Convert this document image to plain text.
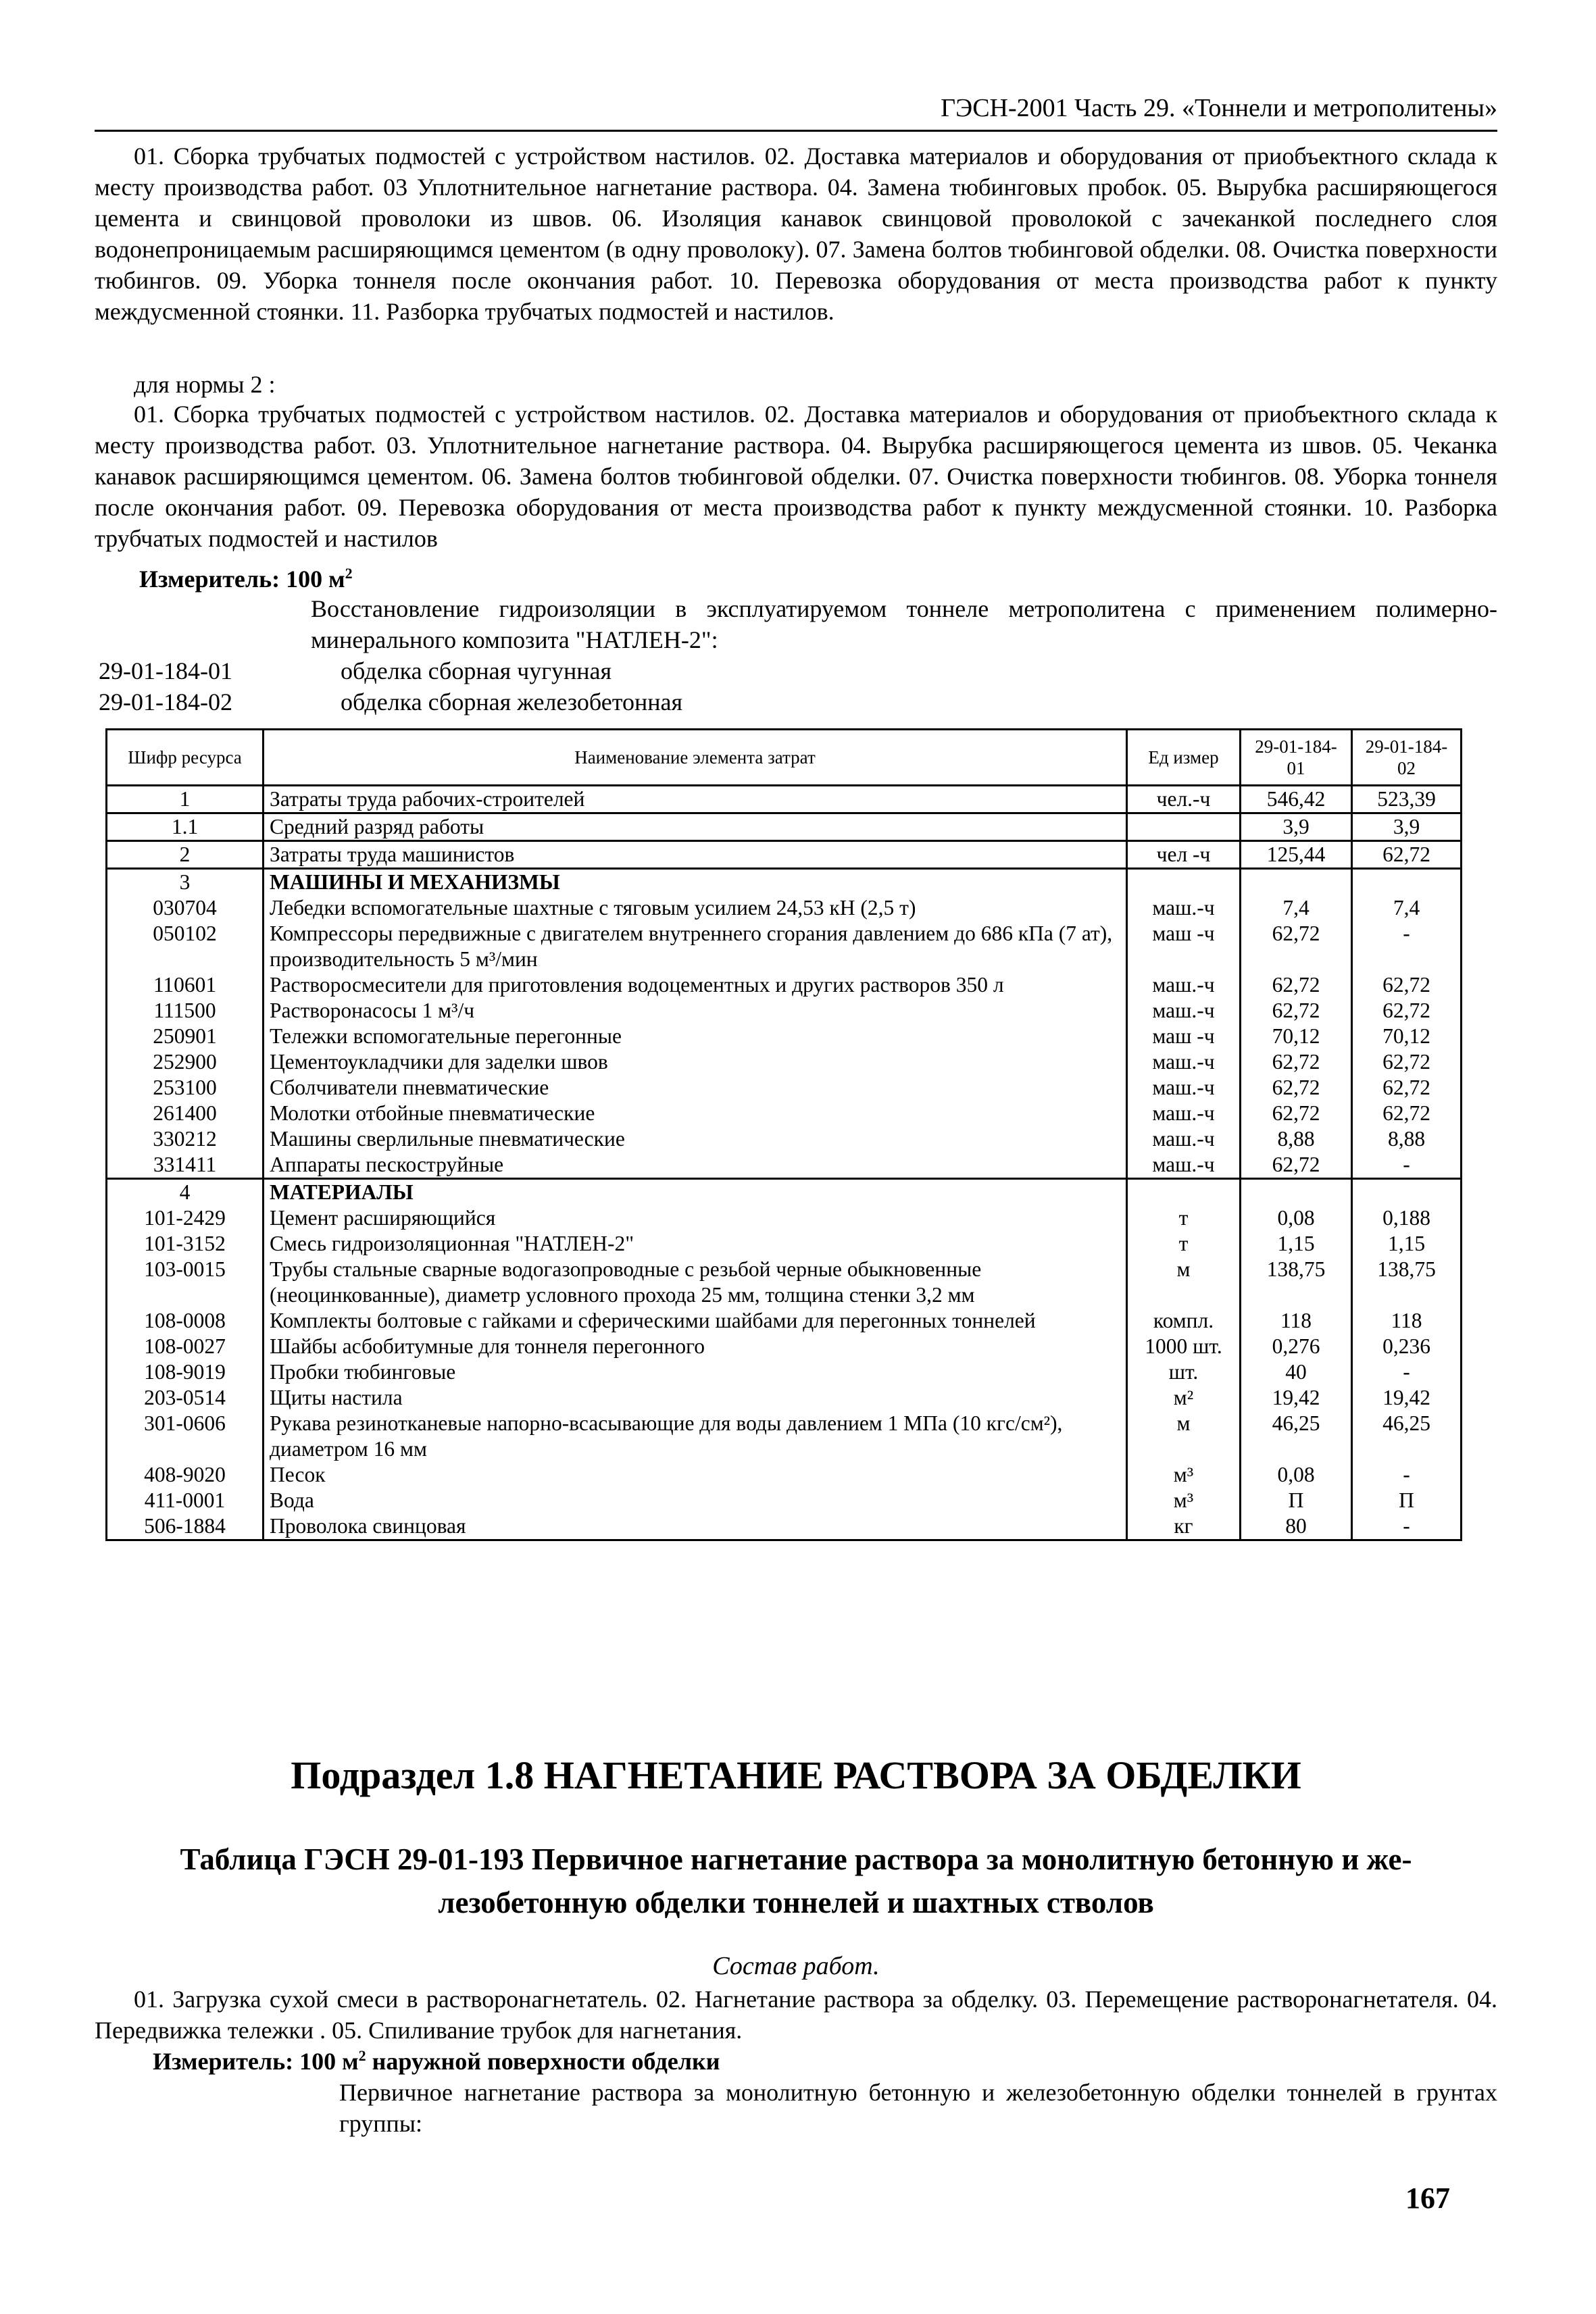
ГЭСН-2001 Часть 29. «Тоннели и метрополитены»
01. Сборка трубчатых подмостей с устройством настилов. 02. Доставка материалов и оборудования от приобъектного склада к месту производства работ. 03 Уплотнительное нагнетание раствора. 04. Замена тюбинговых пробок. 05. Вырубка расширяющегося цемента и свинцовой проволоки из швов. 06. Изоляция канавок свинцовой проволокой с зачеканкой последнего слоя водонепроницаемым расширяющимся цементом (в одну проволоку). 07. Замена болтов тюбинговой обделки. 08. Очистка поверхности тюбингов. 09. Уборка тоннеля после окончания работ. 10. Перевозка оборудования от места производства работ к пункту междусменной стоянки. 11. Разборка трубчатых подмостей и настилов.
для нормы 2 :
01. Сборка трубчатых подмостей с устройством настилов. 02. Доставка материалов и оборудования от приобъектного склада к месту производства работ. 03. Уплотнительное нагнетание раствора. 04. Вырубка расширяющегося цемента из швов. 05. Чеканка канавок расширяющимся цементом. 06. Замена болтов тюбинговой обделки. 07. Очистка поверхности тюбингов. 08. Уборка тоннеля после окончания работ. 09. Перевозка оборудования от места производства работ к пункту междусменной стоянки. 10. Разборка трубчатых подмостей и настилов
Измеритель: 100 $м^2$
Восстановление гидроизоляции в эксплуатируемом тоннеле метрополитена с применением полимерно-минерального композита "НАТЛЕН-2":
29-01-184-01	обделка сборная чугунная
29-01-184-02	обделка сборная железобетонная
Шифр ресурса	Наименование элемента затрат	Ед измер	29-01-184-01	29-01-184-02
1	Затраты труда рабочих-строителей	чел.-ч	546,42	523,39
1.1	Средний разряд работы		3,9	3,9
2	Затраты труда машинистов	чел -ч	125,44	62,72
3	МАШИНЫ И МЕХАНИЗМЫ			
030704	Лебедки вспомогательные шахтные с тяговым усилием 24,53 кН (2,5 т)	маш.-ч	7,4	7,4
050102	Компрессоры передвижные с двигателем внутреннего сгорания давлением до 686 кПа (7 ат), производительность 5 м³/мин	маш -ч	62,72	-
110601	Растворосмесители для приготовления водоцементных и других растворов 350 л	маш.-ч	62,72	62,72
111500	Растворонасосы 1 м³/ч	маш.-ч	62,72	62,72
250901	Тележки вспомогательные перегонные	маш -ч	70,12	70,12
252900	Цементоукладчики для заделки швов	маш.-ч	62,72	62,72
253100	Сболчиватели пневматические	маш.-ч	62,72	62,72
261400	Молотки отбойные пневматические	маш.-ч	62,72	62,72
330212	Машины сверлильные пневматические	маш.-ч	8,88	8,88
331411	Аппараты пескоструйные	маш.-ч	62,72	-
4	МАТЕРИАЛЫ			
101-2429	Цемент расширяющийся	т	0,08	0,188
101-3152	Смесь гидроизоляционная "НАТЛЕН-2"	т	1,15	1,15
103-0015	Трубы стальные сварные водогазопроводные с резьбой черные обыкновенные (неоцинкованные), диаметр условного прохода 25 мм, толщина стенки 3,2 мм	м	138,75	138,75
108-0008	Комплекты болтовые с гайками и сферическими шайбами для перегонных тоннелей	компл.	118	118
108-0027	Шайбы асбобитумные для тоннеля перегонного	1000 шт.	0,276	0,236
108-9019	Пробки тюбинговые	шт.	40	-
203-0514	Щиты настила	м²	19,42	19,42
301-0606	Рукава резинотканевые напорно-всасывающие для воды давлением 1 МПа (10 кгс/см²), диаметром 16 мм	м	46,25	46,25
408-9020	Песок	м³	0,08	-
411-0001	Вода	м³	П	П
506-1884	Проволока свинцовая	кг	80	-
Подраздел 1.8 НАГНЕТАНИЕ РАСТВОРА ЗА ОБДЕЛКИ
Таблица ГЭСН 29-01-193 Первичное нагнетание раствора за монолитную бетонную и же-
лезобетонную обделки тоннелей и шахтных стволов
Состав работ.
01. Загрузка сухой смеси в растворонагнетатель. 02. Нагнетание раствора за обделку. 03. Перемещение растворонагнетателя. 04. Передвижка тележки . 05. Спиливание трубок для нагнетания.
Измеритель: 100 $м^2$ наружной поверхности обделки
Первичное нагнетание раствора за монолитную бетонную и железобетонную обделки тоннелей в грунтах группы:
167
